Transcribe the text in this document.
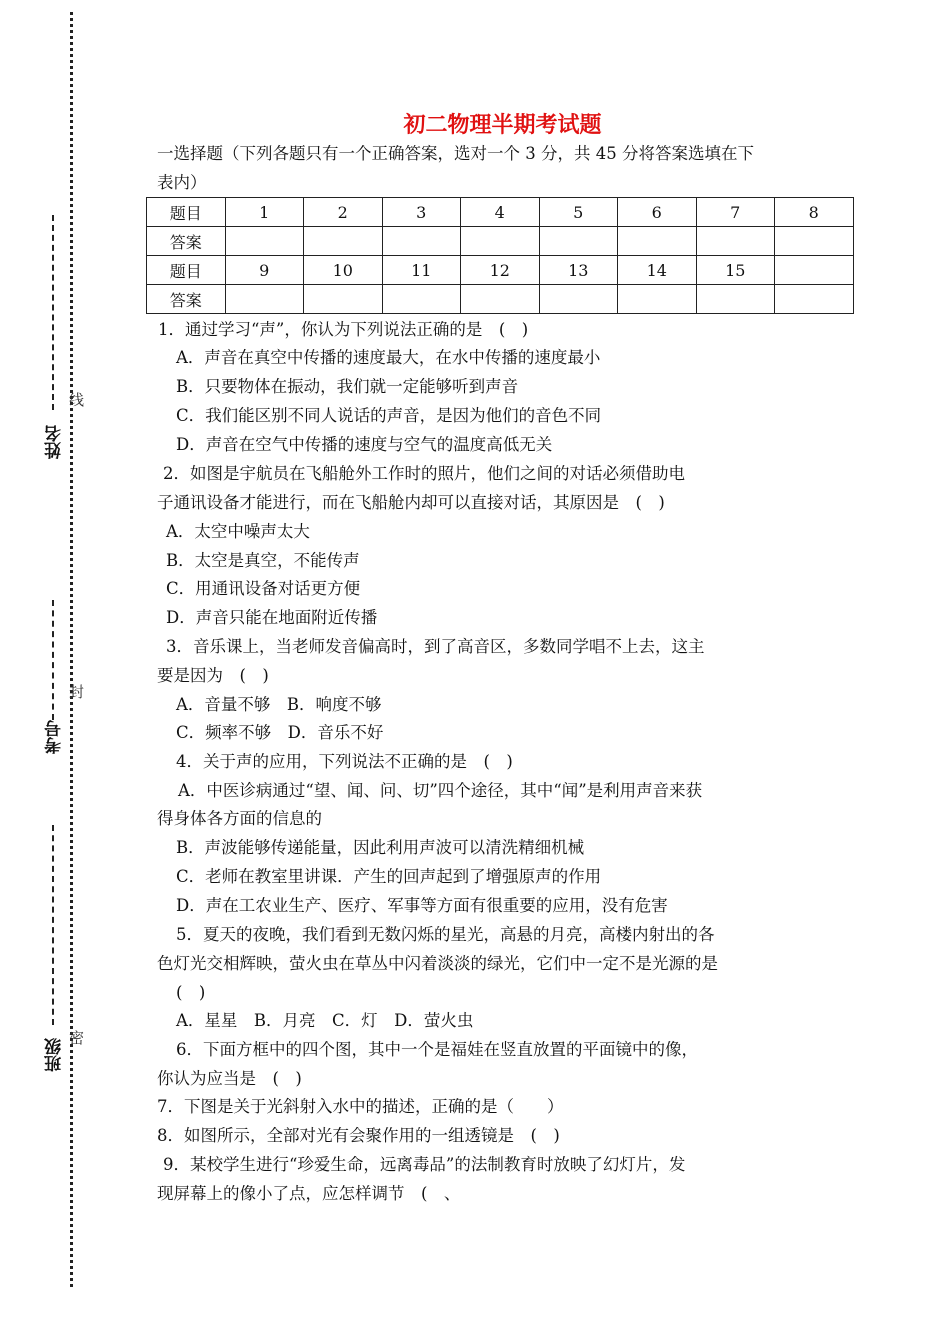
姓名
线
考号
封
班级
密
初二物理半期考试题
一选择题（下列各题只有一个正确答案，选对一个 3 分，共 45 分将答案选填在下
表内）
题目	1	2	3	4	5	6	7	8
答案								
题目	9	10	11	12	13	14	15	
答案								
1．通过学习“声”，你认为下列说法正确的是　(　)
A．声音在真空中传播的速度最大，在水中传播的速度最小
B．只要物体在振动，我们就一定能够听到声音
C．我们能区别不同人说话的声音，是因为他们的音色不同
D．声音在空气中传播的速度与空气的温度高低无关
2．如图是宇航员在飞船舱外工作时的照片，他们之间的对话必须借助电
子通讯设备才能进行，而在飞船舱内却可以直接对话，其原因是　(　)
A．太空中噪声太大
B．太空是真空，不能传声
C．用通讯设备对话更方便
D．声音只能在地面附近传播
3．音乐课上，当老师发音偏高时，到了高音区，多数同学唱不上去，这主
要是因为　(　)
A．音量不够　B．响度不够
C．频率不够　D．音乐不好
4．关于声的应用，下列说法不正确的是　(　)
A．中医诊病通过“望、闻、问、切”四个途径，其中“闻”是利用声音来获
得身体各方面的信息的
B．声波能够传递能量，因此利用声波可以清洗精细机械
C．老师在教室里讲课．产生的回声起到了增强原声的作用
D．声在工农业生产、医疗、军事等方面有很重要的应用，没有危害
5．夏天的夜晚，我们看到无数闪烁的星光，高悬的月亮，高楼内射出的各
色灯光交相辉映，萤火虫在草丛中闪着淡淡的绿光，它们中一定不是光源的是
(　)
A．星星　B．月亮　C．灯　D．萤火虫
6．下面方框中的四个图，其中一个是福娃在竖直放置的平面镜中的像，
你认为应当是　(　)
7．下图是关于光斜射入水中的描述，正确的是（　　）
8．如图所示，全部对光有会聚作用的一组透镜是　(　)
9．某校学生进行“珍爱生命，远离毒品”的法制教育时放映了幻灯片，发
现屏幕上的像小了点，应怎样调节　(　、
